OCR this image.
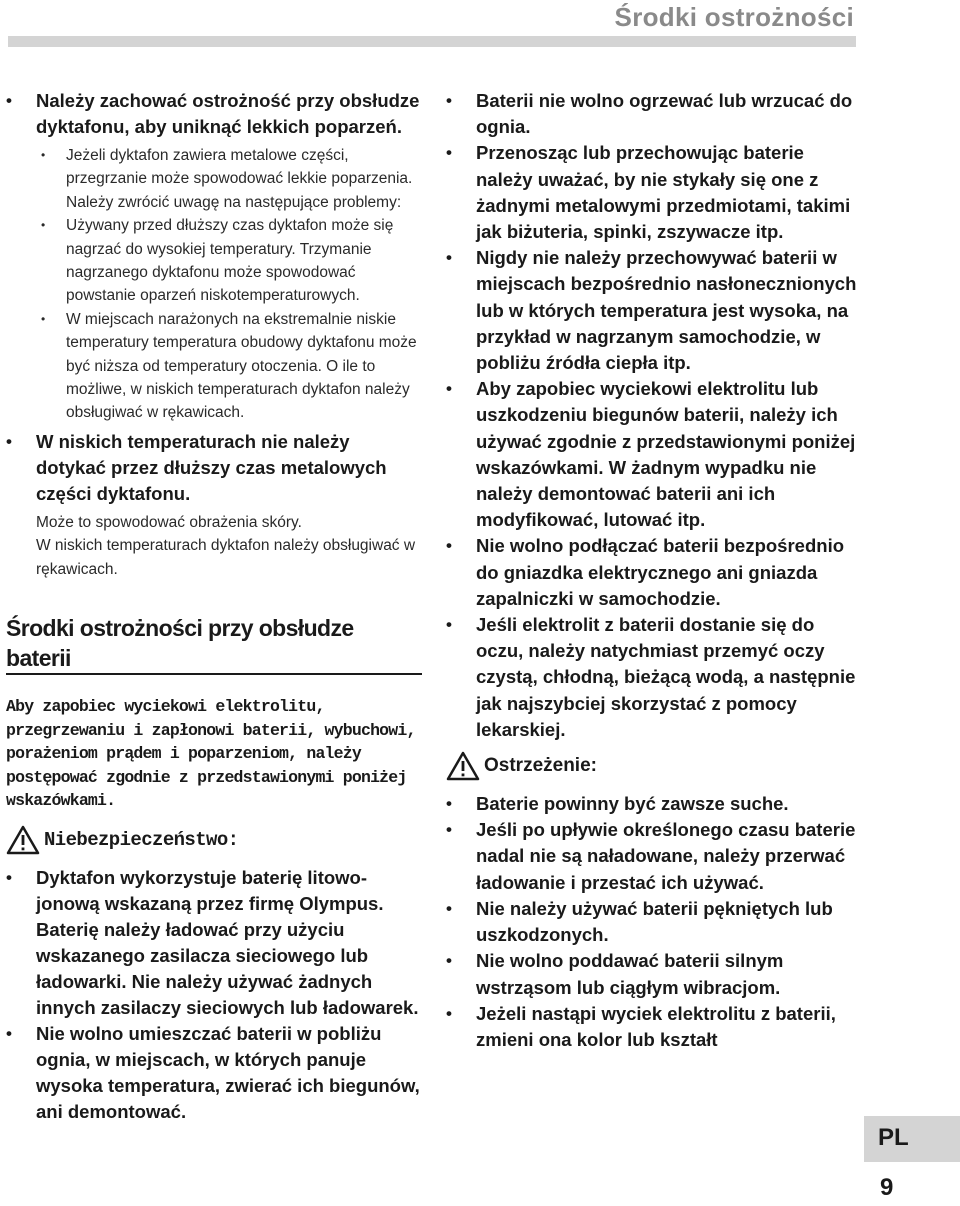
Środki ostrożności
• Należy zachować ostrożność przy obsłudze dyktafonu, aby uniknąć lekkich poparzeń.
• Jeżeli dyktafon zawiera metalowe części, przegrzanie może spowodować lekkie poparzenia. Należy zwrócić uwagę na następujące problemy:
• Używany przed dłuższy czas dyktafon może się nagrzać do wysokiej temperatury. Trzymanie nagrzanego dyktafonu może spowodować powstanie oparzeń niskotemperaturowych.
• W miejscach narażonych na ekstremalnie niskie temperatury temperatura obudowy dyktafonu może być niższa od temperatury otoczenia. O ile to możliwe, w niskich temperaturach dyktafon należy obsługiwać w rękawicach.
• W niskich temperaturach nie należy dotykać przez dłuższy czas metalowych części dyktafonu.
Może to spowodować obrażenia skóry.
W niskich temperaturach dyktafon należy obsługiwać w rękawicach.
Środki ostrożności przy obsłudze baterii
Aby zapobiec wyciekowi elektrolitu, przegrzewaniu i zapłonowi baterii, wybuchowi, porażeniom prądem i poparzeniom, należy postępować zgodnie z przedstawionymi poniżej wskazówkami.
Niebezpieczeństwo:
• Dyktafon wykorzystuje baterię litowo-jonową wskazaną przez firmę Olympus. Baterię należy ładować przy użyciu wskazanego zasilacza sieciowego lub ładowarki. Nie należy używać żadnych innych zasilaczy sieciowych lub ładowarek.
• Nie wolno umieszczać baterii w pobliżu ognia, w miejscach, w których panuje wysoka temperatura, zwierać ich biegunów, ani demontować.
• Baterii nie wolno ogrzewać lub wrzucać do ognia.
• Przenosząc lub przechowując baterie należy uważać, by nie stykały się one z żadnymi metalowymi przedmiotami, takimi jak biżuteria, spinki, zszywacze itp.
• Nigdy nie należy przechowywać baterii w miejscach bezpośrednio nasłonecznionych lub w których temperatura jest wysoka, na przykład w nagrzanym samochodzie, w pobliżu źródła ciepła itp.
• Aby zapobiec wyciekowi elektrolitu lub uszkodzeniu biegunów baterii, należy ich używać zgodnie z przedstawionymi poniżej wskazówkami. W żadnym wypadku nie należy demontować baterii ani ich modyfikować, lutować itp.
• Nie wolno podłączać baterii bezpośrednio do gniazdka elektrycznego ani gniazda zapalniczki w samochodzie.
• Jeśli elektrolit z baterii dostanie się do oczu, należy natychmiast przemyć oczy czystą, chłodną, bieżącą wodą, a następnie jak najszybciej skorzystać z pomocy lekarskiej.
Ostrzeżenie:
• Baterie powinny być zawsze suche.
• Jeśli po upływie określonego czasu baterie nadal nie są naładowane, należy przerwać ładowanie i przestać ich używać.
• Nie należy używać baterii pękniętych lub uszkodzonych.
• Nie wolno poddawać baterii silnym wstrząsom lub ciągłym wibracjom.
• Jeżeli nastąpi wyciek elektrolitu z baterii, zmieni ona kolor lub kształt
PL
9
